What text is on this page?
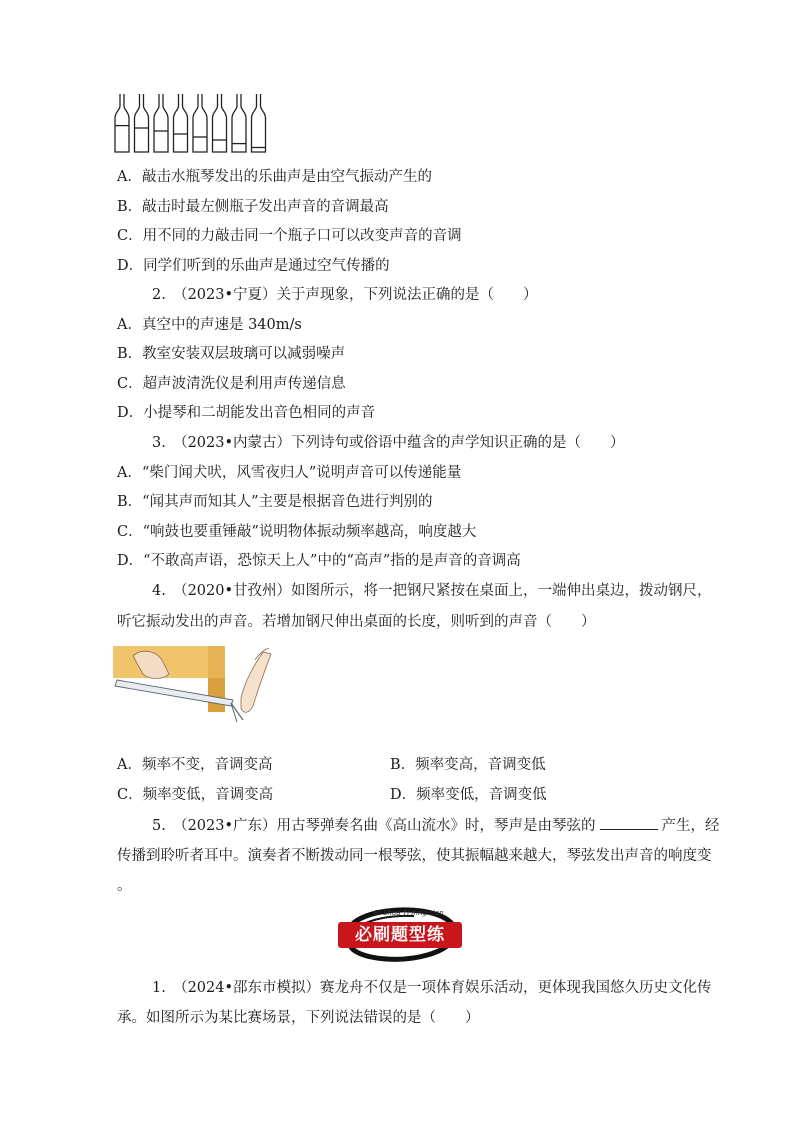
A．敲击水瓶琴发出的乐曲声是由空气振动产生的
B．敲击时最左侧瓶子发出声音的音调最高
C．用不同的力敲击同一个瓶子口可以改变声音的音调
D．同学们听到的乐曲声是通过空气传播的
2.　（2023•宁夏）关于声现象，下列说法正确的是（　　）
A．真空中的声速是 340m/s
B．教室安装双层玻璃可以减弱噪声
C．超声波清洗仪是利用声传递信息
D．小提琴和二胡能发出音色相同的声音
3.　（2023•内蒙古）下列诗句或俗语中蕴含的声学知识正确的是（　　）
A．“柴门闻犬吠，风雪夜归人”说明声音可以传递能量
B．“闻其声而知其人”主要是根据音色进行判别的
C．“响鼓也要重锤敲”说明物体振动频率越高，响度越大
D．“不敢高声语，恐惊天上人”中的“高声”指的是声音的音调高
4.　（2020•甘孜州）如图所示，将一把钢尺紧按在桌面上，一端伸出桌边，拨动钢尺，
听它振动发出的声音。若增加钢尺伸出桌面的长度，则听到的声音（　　）
A．频率不变，音调变高	B．频率变高，音调变低
C．频率变低，音调变高	D．频率变低，音调变低
5.　（2023•广东）用古琴弹奏名曲《高山流水》时，琴声是由琴弦的	产生，经
传播到聆听者耳中。演奏者不断拨动同一根琴弦，使其振幅越来越大，琴弦发出声音的响度变
。
Bi Shua Ti Xing Lian
必刷题型练
1.　（2024•邵东市模拟）赛龙舟不仅是一项体育娱乐活动，更体现我国悠久历史文化传
承。如图所示为某比赛场景，下列说法错误的是（　　）
